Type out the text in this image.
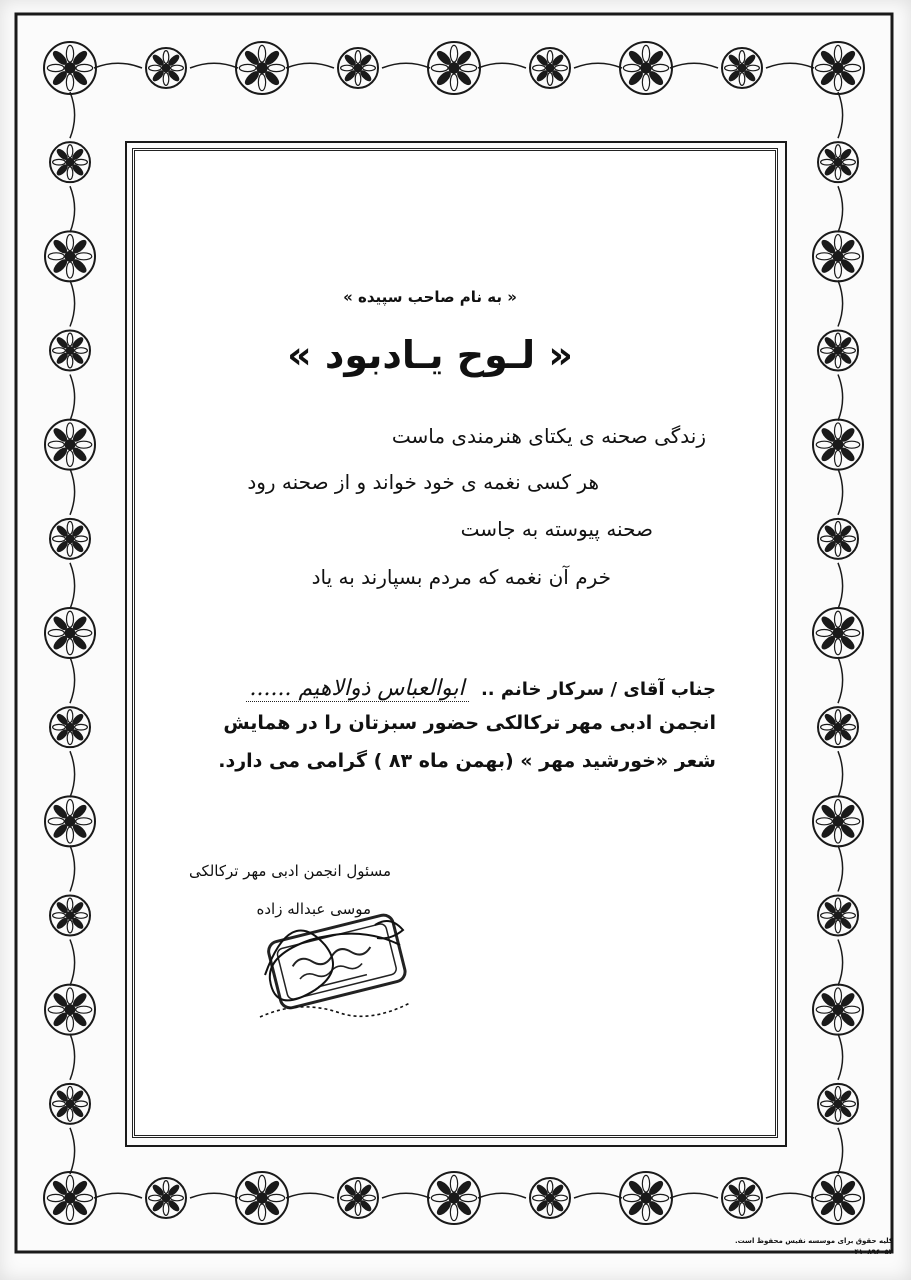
« به نام صاحب سپیده »
« لـوح یـادبود »
زندگی صحنه ی یکتای هنرمندی ماست
هر کسی نغمه ی خود خواند و از صحنه رود
صحنه پیوسته به جاست
خرم آن نغمه که مردم بسپارند به یاد
جناب آقای / سرکار خانم .. ابوالعباس ذوالاهیم ......
انجمن ادبی مهر ترکالکی حضور سبزتان را در همایش
شعر «خورشید مهر » (بهمن ماه ۸۳ ) گرامی می دارد.
مسئول انجمن ادبی مهر ترکالکی
موسی عبداله زاده
کلیه حقوق برای موسسه نفیس محفوظ است.
۰۴۱۰۸۹۶۰۵۲
